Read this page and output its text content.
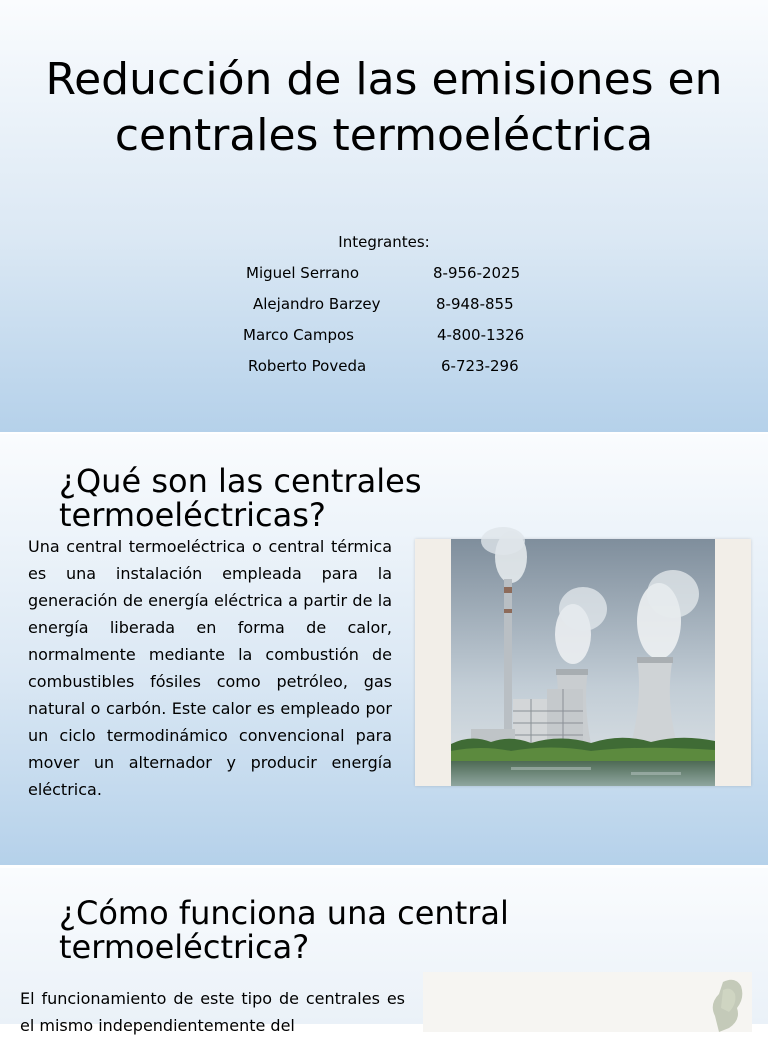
Reducción de las emisiones en centrales termoeléctrica
Integrantes:
Miguel Serrano	8-956-2025
Alejandro Barzey	8-948-855
Marco Campos	4-800-1326
Roberto Poveda	6-723-296
¿Qué son las centrales
termoeléctricas?
Una central termoeléctrica o central térmica es una instalación empleada para la generación de energía eléctrica a partir de la energía liberada en forma de calor, normalmente mediante la combustión de combustibles fósiles como petróleo, gas natural o carbón. Este calor es empleado por un ciclo termodinámico convencional para mover un alternador y producir energía eléctrica.
¿Cómo funciona una central
termoeléctrica?
El funcionamiento de este tipo de centrales es el mismo independientemente del
